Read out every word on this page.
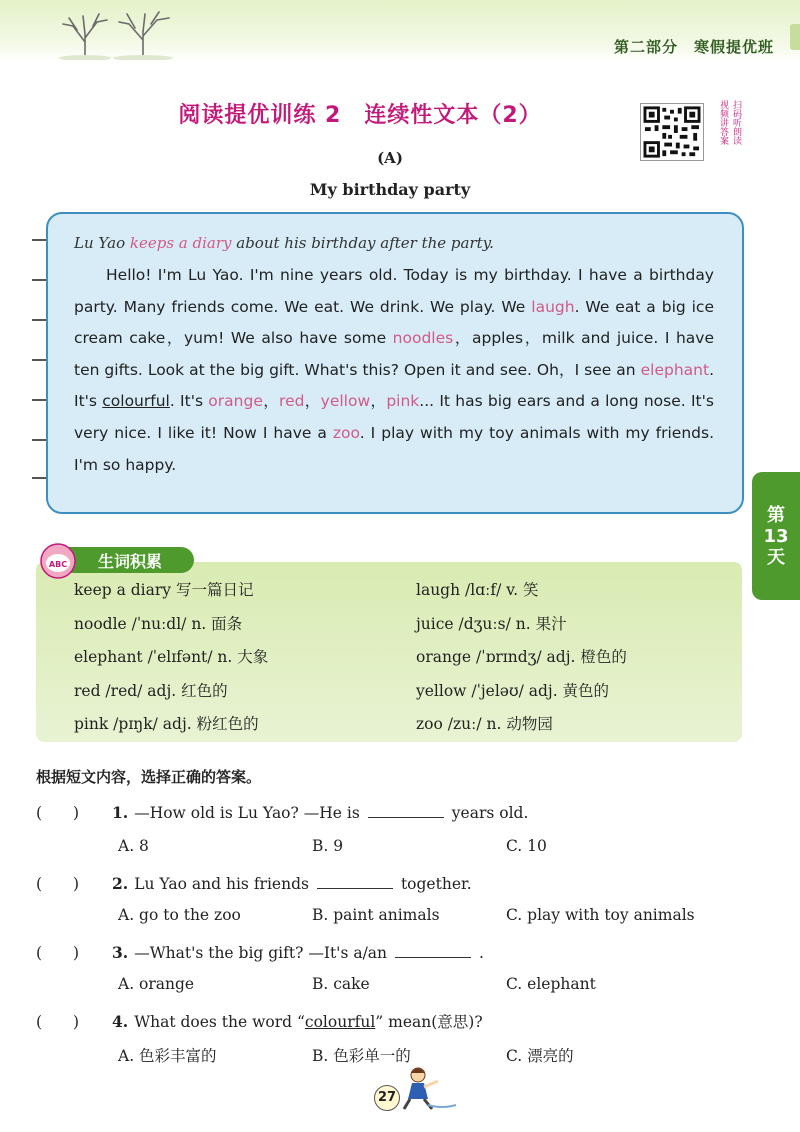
第二部分　寒假提优班
阅读提优训练 2　连续性文本（2）	扫码听朗读
视频讲答案
(A)
My birthday party
Lu Yao keeps a diary about his birthday after the party.
Hello! I'm Lu Yao. I'm nine years old. Today is my birthday. I have a birthday party. Many friends come. We eat. We drink. We play. We laugh. We eat a big ice cream cake，yum! We also have some noodles，apples，milk and juice. I have ten gifts. Look at the big gift. What's this? Open it and see. Oh，I see an elephant. It's colourful. It's orange，red，yellow，pink... It has big ears and a long nose. It's very nice. I like it! Now I have a zoo. I play with my toy animals with my friends. I'm so happy.
第
13
天
ABC 生词积累
keep a diary 写一篇日记	laugh /lɑːf/ v. 笑
noodle /ˈnuːdl/ n. 面条	juice /dʒuːs/ n. 果汁
elephant /ˈelɪfənt/ n. 大象	orange /ˈɒrɪndʒ/ adj. 橙色的
red /red/ adj. 红色的	yellow /ˈjeləʊ/ adj. 黄色的
pink /pɪŋk/ adj. 粉红色的	zoo /zuː/ n. 动物园
根据短文内容，选择正确的答案。
(　　) 1. —How old is Lu Yao? —He is	years old.
A. 8	B. 9	C. 10
(　　) 2. Lu Yao and his friends	together.
A. go to the zoo	B. paint animals	C. play with toy animals
(　　) 3. —What's the big gift? —It's a/an	.
A. orange	B. cake	C. elephant
(　　) 4. What does the word “colourful” mean(意思)?
A. 色彩丰富的	B. 色彩单一的	C. 漂亮的
27
